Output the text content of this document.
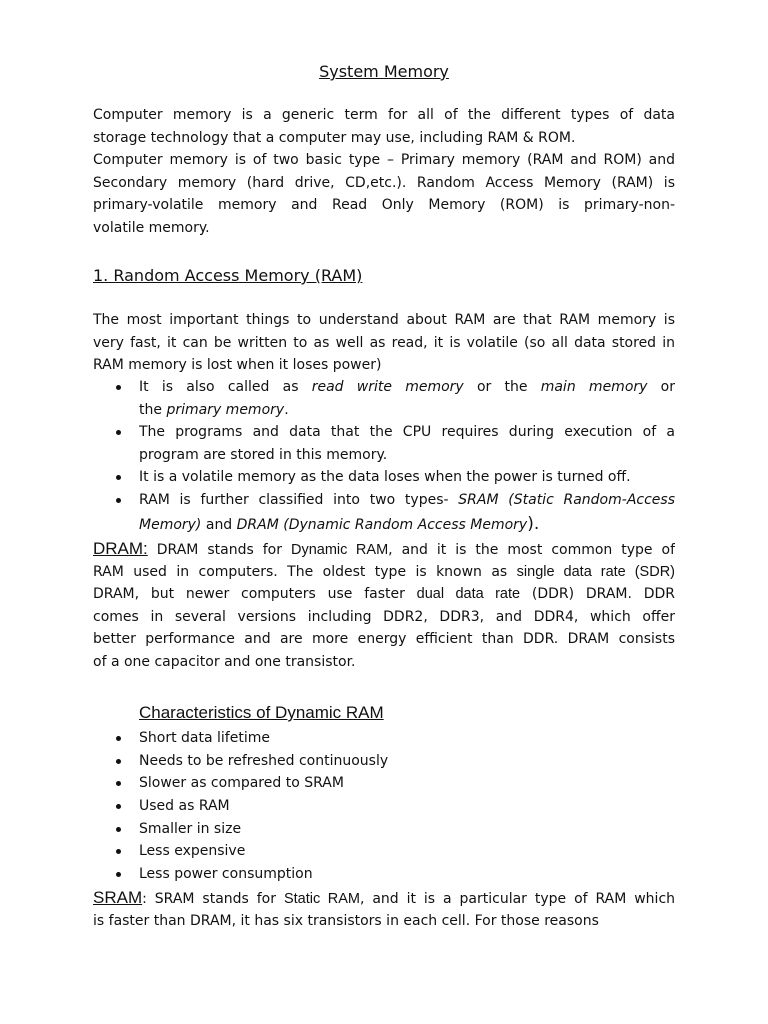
System Memory
Computer memory is a generic term for all of the different types of data
storage technology that a computer may use, including RAM & ROM.
Computer memory is of two basic type – Primary memory (RAM and ROM) and
Secondary memory (hard drive, CD,etc.). Random Access Memory (RAM) is
primary-volatile memory and Read Only Memory (ROM) is primary-non-
volatile memory.
1. Random Access Memory (RAM)
The most important things to understand about RAM are that RAM memory is
very fast, it can be written to as well as read, it is volatile (so all data stored in
RAM memory is lost when it loses power)
It is also called as read write memory or the main memory or
the primary memory.
The programs and data that the CPU requires during execution of a
program are stored in this memory.
It is a volatile memory as the data loses when the power is turned off.
RAM is further classified into two types- SRAM (Static Random-Access
Memory) and DRAM (Dynamic Random Access Memory).
DRAM: DRAM stands for Dynamic RAM, and it is the most common type of
RAM used in computers. The oldest type is known as single data rate (SDR)
DRAM, but newer computers use faster dual data rate (DDR) DRAM. DDR
comes in several versions including DDR2, DDR3, and DDR4, which offer
better performance and are more energy efficient than DDR. DRAM consists
of a one capacitor and one transistor.
Characteristics of Dynamic RAM
Short data lifetime
Needs to be refreshed continuously
Slower as compared to SRAM
Used as RAM
Smaller in size
Less expensive
Less power consumption
SRAM: SRAM stands for Static RAM, and it is a particular type of RAM which
is faster than DRAM, it has six transistors in each cell. For those reasons
